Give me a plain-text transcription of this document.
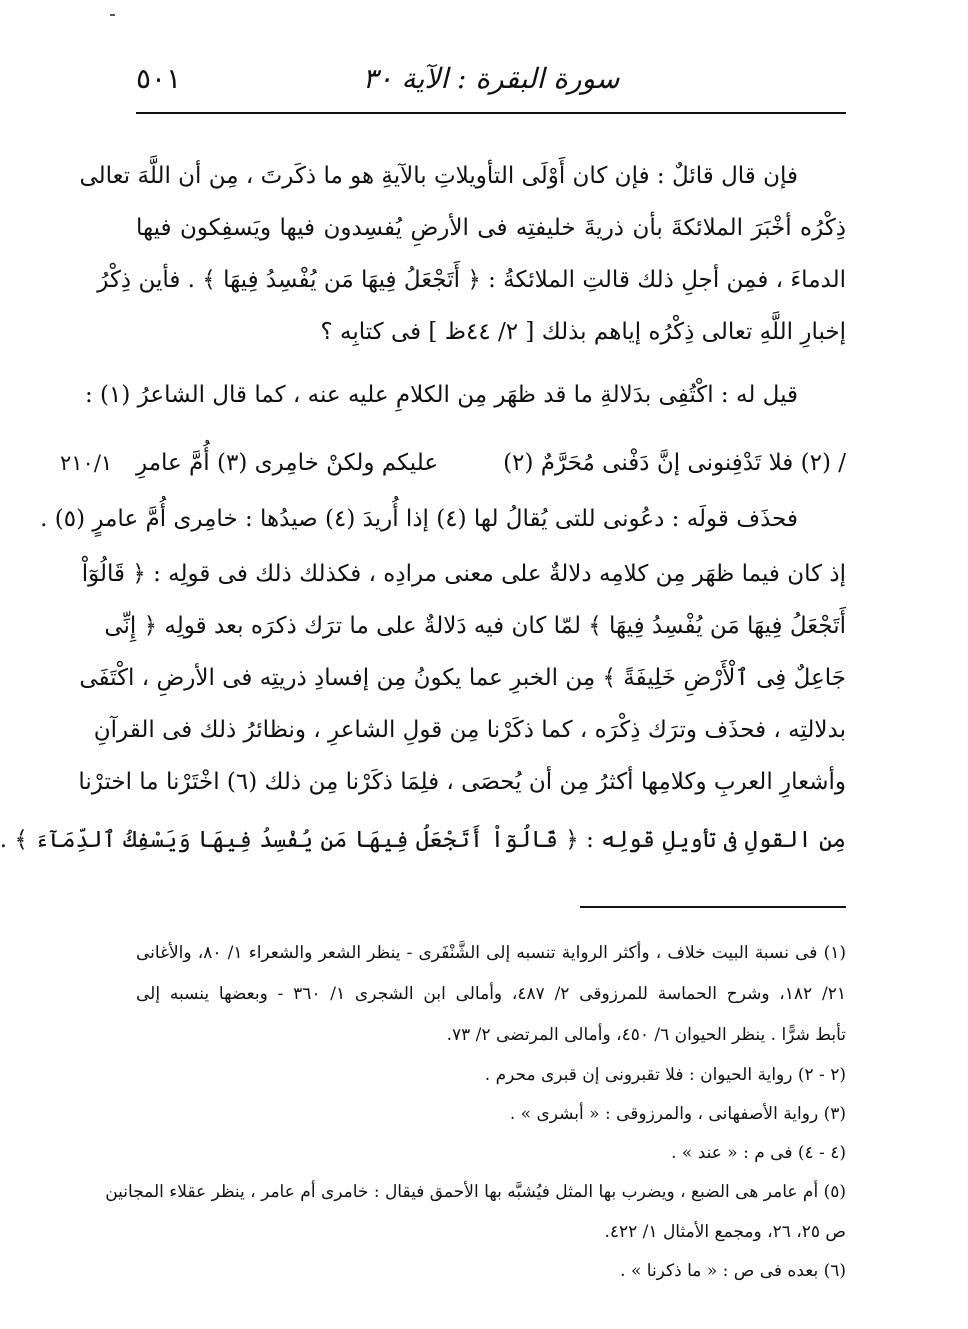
٥٠١	سورة البقرة : الآية ٣٠
فإن قال قائلٌ : فإن كان أَوْلَى التأويلاتِ بالآيةِ هو ما ذكَرتَ ، مِن أن اللَّهَ تعالى
ذِكْرُه أخْبَرَ الملائكةَ بأن ذريةَ خليفتِه فى الأرضِ يُفسِدون فيها ويَسفِكون فيها
الدماءَ ، فمِن أجلِ ذلك قالتِ الملائكةُ : ﴿ أَتَجْعَلُ فِيهَا مَن يُفْسِدُ فِيهَا ﴾ . فأين ذِكْرُ
إخبارِ اللَّهِ تعالى ذِكْرُه إياهم بذلك [ ٢/ ٤٤ظ ] فى كتابِه ؟
قيل له : اكْتُفِى بدَلالةِ ما قد ظهَر مِن الكلامِ عليه عنه ، كما قال الشاعرُ (١) :
/ (٢) فلا تَدْفِنونى إنَّ دَفْنى مُحَرَّمٌ (٢)
عليكم ولكنْ خامِرى (٣) أُمَّ عامرِ
٢١٠/١
فحذَف قولَه : دعُونى للتى يُقالُ لها (٤) إذا أُريدَ (٤) صيدُها : خامِرى أُمَّ عامرٍ (٥) .
إذ كان فيما ظهَر مِن كلامِه دلالةٌ على معنى مرادِه ، فكذلك ذلك فى قولِه : ﴿ قَالُوٓاْ
أَتَجْعَلُ فِيهَا مَن يُفْسِدُ فِيهَا ﴾ لمّا كان فيه دَلالةٌ على ما ترَك ذكرَه بعد قولِه ﴿ إِنِّى
جَاعِلٌ فِى ٱلْأَرْضِ خَلِيفَةً ﴾ مِن الخبرِ عما يكونُ مِن إفسادِ ذريتِه فى الأرضِ ، اكْتَفَى
بدلالتِه ، فحذَف وترَك ذِكْرَه ، كما ذكَرْنا مِن قولِ الشاعرِ ، ونظائرُ ذلك فى القرآنِ
وأشعارِ العربِ وكلامِها أكثرُ مِن أن يُحصَى ، فلِمَا ذكَرْنا مِن ذلك (٦) اخْتَرْنا ما اخترْنا
مِن القولِ فى تأويلِ قولِه : ﴿ قَالُوٓاْ أَتَجْعَلُ فِيهَا مَن يُفْسِدُ فِيهَا وَيَسْفِكُ ٱلدِّمَآءَ ﴾ .
(١) فى نسبة البيت خلاف ، وأكثر الرواية تنسبه إلى الشَّنْفَرى - ينظر الشعر والشعراء ١/ ٨٠، والأغانى
٢١/ ١٨٢، وشرح الحماسة للمرزوقى ٢/ ٤٨٧، وأمالى ابن الشجرى ١/ ٣٦٠ - وبعضها ينسبه إلى
تأبط شرًّا . ينظر الحيوان ٦/ ٤٥٠، وأمالى المرتضى ٢/ ٧٣.
(٢ - ٢) رواية الحيوان : فلا تقبرونى إن قبرى محرم .
(٣) رواية الأصفهانى ، والمرزوقى : « أبشرى » .
(٤ - ٤) فى م : « عند » .
(٥) أم عامر هى الضبع ، ويضرب بها المثل فيُشبَّه بها الأحمق فيقال : خامرى أم عامر ، ينظر عقلاء المجانين
ص ٢٥، ٢٦، ومجمع الأمثال ١/ ٤٢٢.
(٦) بعده فى ص : « ما ذكرنا » .
